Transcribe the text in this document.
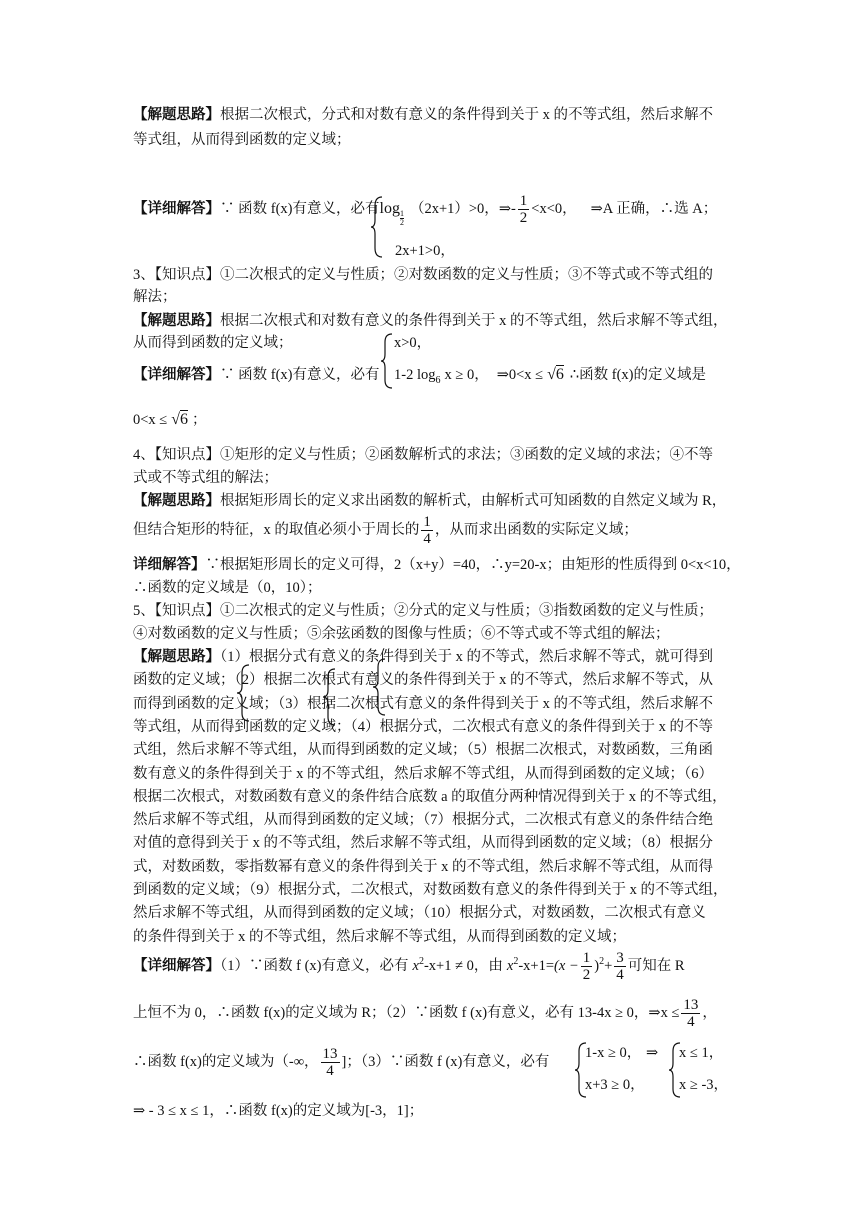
【解题思路】根据二次根式，分式和对数有意义的条件得到关于 x 的不等式组，然后求解不
等式组，从而得到函数的定义域；
【详细解答】∵ 函数 f(x)有意义，必有log
$\frac{1}{2}$
（2x+1）>0，⇒- $\frac{1}{2} <x<0$， ⇒A 正确，∴选 A；
2x+1>0，
3、【知识点】①二次根式的定义与性质；②对数函数的定义与性质；③不等式或不等式组的
解法；
【解题思路】根据二次根式和对数有意义的条件得到关于 x 的不等式组，然后求解不等式组，
从而得到函数的定义域；	x>0，
【详细解答】∵ 函数 f(x)有意义，必有 1-2 $\log_6 x \ge 0$， ⇒0<x ≤ √6 ∴函数 f(x)的定义域是
0<x ≤ √6 ；
4、【知识点】①矩形的定义与性质；②函数解析式的求法；③函数的定义域的求法；④不等
式或不等式组的解法；
【解题思路】根据矩形周长的定义求出函数的解析式，由解析式可知函数的自然定义域为 R，
但结合矩形的特征，x 的取值必须小于周长的 $\frac{1}{4}$ ，从而求出函数的实际定义域；
详细解答】∵根据矩形周长的定义可得，2（x+y）=40，∴y=20-x；由矩形的性质得到 0<x<10，
∴函数的定义域是（0，10）；
5、【知识点】①二次根式的定义与性质；②分式的定义与性质；③指数函数的定义与性质；
④对数函数的定义与性质；⑤余弦函数的图像与性质；⑥不等式或不等式组的解法；
【解题思路】（1）根据分式有意义的条件得到关于 x 的不等式，然后求解不等式，就可得到
函数的定义域；（2）根据二次根式有意义的条件得到关于 x 的不等式，然后求解不等式，从
而得到函数的定义域；（3）根据二次根式有意义的条件得到关于 x 的不等式组，然后求解不
等式组，从而得到函数的定义域；（4）根据分式，二次根式有意义的条件得到关于 x 的不等
式组，然后求解不等式组，从而得到函数的定义域；（5）根据二次根式，对数函数，三角函
数有意义的条件得到关于 x 的不等式组，然后求解不等式组，从而得到函数的定义域；（6）
根据二次根式，对数函数有意义的条件结合底数 a 的取值分两种情况得到关于 x 的不等式组，
然后求解不等式组，从而得到函数的定义域；（7）根据分式，二次根式有意义的条件结合绝
对值的意得到关于 x 的不等式组，然后求解不等式组，从而得到函数的定义域；（8）根据分
式，对数函数，零指数幂有意义的条件得到关于 x 的不等式组，然后求解不等式组，从而得
到函数的定义域；（9）根据分式，二次根式，对数函数有意义的条件得到关于 x 的不等式组，
然后求解不等式组，从而得到函数的定义域；（10）根据分式，对数函数，二次根式有意义
的条件得到关于 x 的不等式组，然后求解不等式组，从而得到函数的定义域；
【详细解答】（1）∵函数 f (x)有意义，必有 $x^2-x+1 \ne 0$，由 $x^2-x+1=(x - \frac{1}{2} )^2+ \frac{3}{4}$ 可知在 R
上恒不为 0，∴函数 f(x)的定义域为 R；（2）∵函数 f (x)有意义，必有 13-4x ≥ 0，⇒x ≤ $\frac{13}{4}$ ，
∴函数 f(x)的定义域为（-∞， $\frac{13}{4}$ ]；（3）∵函数 f (x)有意义，必有
1-x ≥ 0， ⇒ x ≤ 1，
x+3 ≥ 0， x ≥ -3，
⇒ - 3 ≤ x ≤ 1，∴函数 f(x)的定义域为[-3，1]；
